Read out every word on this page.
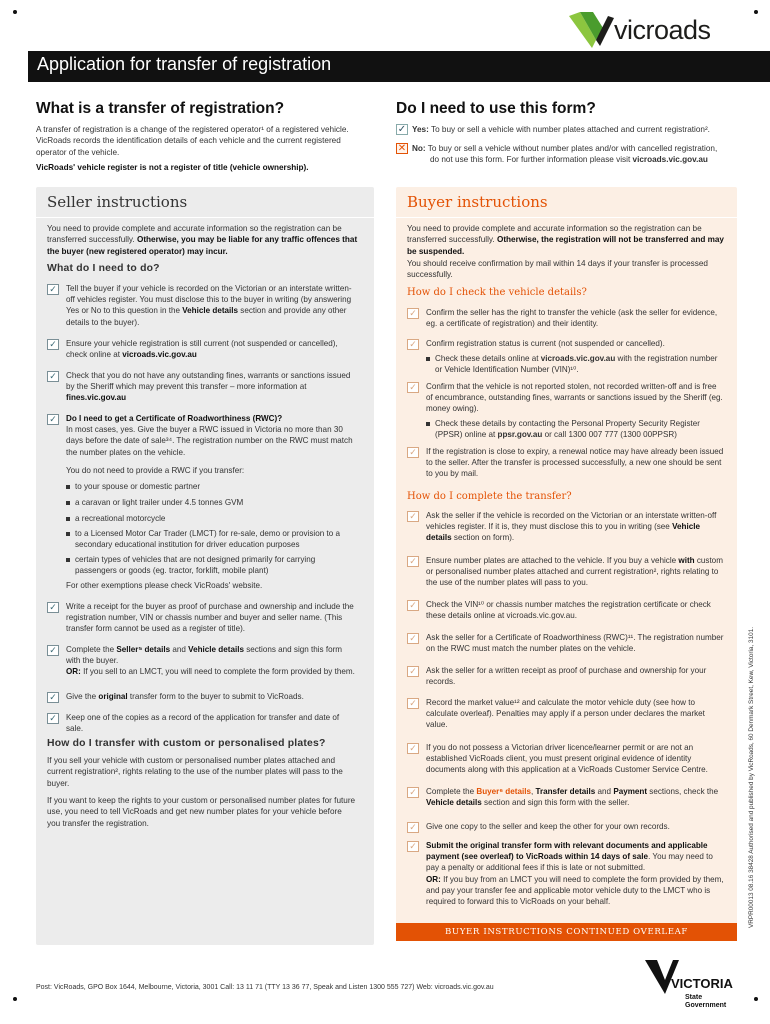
vicroads
Application for transfer of registration
What is a transfer of registration?
A transfer of registration is a change of the registered operator¹ of a registered vehicle. VicRoads records the identification details of each vehicle and the current registered operator of the vehicle.
VicRoads' vehicle register is not a register of title (vehicle ownership).
Do I need to use this form?
✓ Yes: To buy or sell a vehicle with number plates attached and current registration².
✕ No: To buy or sell a vehicle without number plates and/or with cancelled registration,
do not use this form. For further information please visit vicroads.vic.gov.au
Seller instructions
You need to provide complete and accurate information so the registration can be transferred successfully. Otherwise, you may be liable for any traffic offences that the buyer (new registered operator) may incur.
What do I need to do?
✓ Tell the buyer if your vehicle is recorded on the Victorian or an interstate written-off vehicles register. You must disclose this to the buyer in writing (by answering Yes or No to this question in the Vehicle details section and provide any other details to the buyer).
✓ Ensure your vehicle registration is still current (not suspended or cancelled), check online at vicroads.vic.gov.au
✓ Check that you do not have any outstanding fines, warrants or sanctions issued by the Sheriff which may prevent this transfer – more information at fines.vic.gov.au
✓ Do I need to get a Certificate of Roadworthiness (RWC)?
In most cases, yes. Give the buyer a RWC issued in Victoria no more than 30 days before the date of sale³⁴. The registration number on the RWC must match the number plates on the vehicle.
You do not need to provide a RWC if you transfer:
to your spouse or domestic partner
a caravan or light trailer under 4.5 tonnes GVM
a recreational motorcycle
to a Licensed Motor Car Trader (LMCT) for re-sale, demo or provision to a secondary educational institution for driver education purposes
certain types of vehicles that are not designed primarily for carrying passengers or goods (eg. tractor, forklift, mobile plant)
For other exemptions please check VicRoads' website.
✓ Write a receipt for the buyer as proof of purchase and ownership and include the registration number, VIN or chassis number and buyer and seller name. (This transfer form cannot be used as a register of title).
✓ Complete the Seller⁵ details and Vehicle details sections and sign this form with the buyer.
OR: If you sell to an LMCT, you will need to complete the form provided by them.
✓ Give the original transfer form to the buyer to submit to VicRoads.
✓ Keep one of the copies as a record of the application for transfer and date of sale.
How do I transfer with custom or personalised plates?
If you sell your vehicle with custom or personalised number plates attached and current registration², rights relating to the use of the number plates will pass to the buyer.
If you want to keep the rights to your custom or personalised number plates for future use, you need to tell VicRoads and get new number plates for your vehicle before you transfer the registration.
Buyer instructions
You need to provide complete and accurate information so the registration can be transferred successfully. Otherwise, the registration will not be transferred and may be suspended.
You should receive confirmation by mail within 14 days if your transfer is processed successfully.
How do I check the vehicle details?
✓ Confirm the seller has the right to transfer the vehicle (ask the seller for evidence, eg. a certificate of registration) and their identity.
✓ Confirm registration status is current (not suspended or cancelled).
Check these details online at vicroads.vic.gov.au with the registration number or Vehicle Identification Number (VIN)¹⁰.
✓ Confirm that the vehicle is not reported stolen, not recorded written-off and is free of encumbrance, outstanding fines, warrants or sanctions issued by the Sheriff (eg. money owing).
Check these details by contacting the Personal Property Security Register (PPSR) online at ppsr.gov.au or call 1300 007 777 (1300 00PPSR)
✓ If the registration is close to expiry, a renewal notice may have already been issued to the seller. After the transfer is processed successfully, a new one should be sent to you by mail.
How do I complete the transfer?
✓ Ask the seller if the vehicle is recorded on the Victorian or an interstate written-off vehicles register. If it is, they must disclose this to you in writing (see Vehicle details section on form).
✓ Ensure number plates are attached to the vehicle. If you buy a vehicle with custom or personalised number plates attached and current registration², rights relating to the use of the number plates will pass to you.
✓ Check the VIN¹⁰ or chassis number matches the registration certificate or check these details online at vicroads.vic.gov.au.
✓ Ask the seller for a Certificate of Roadworthiness (RWC)¹¹. The registration number on the RWC must match the number plates on the vehicle.
✓ Ask the seller for a written receipt as proof of purchase and ownership for your records.
✓ Record the market value¹² and calculate the motor vehicle duty (see how to calculate overleaf). Penalties may apply if a person under declares the market value.
✓ If you do not possess a Victorian driver licence/learner permit or are not an established VicRoads client, you must present original evidence of identity documents along with this application at a VicRoads Customer Service Centre.
✓ Complete the Buyer⁶ details, Transfer details and Payment sections, check the Vehicle details section and sign this form with the seller.
✓ Give one copy to the seller and keep the other for your own records.
✓ Submit the original transfer form with relevant documents and applicable payment (see overleaf) to VicRoads within 14 days of sale. You may need to pay a penalty or additional fees if this is late or not submitted.
OR: If you buy from an LMCT you will need to complete the form provided by them, and pay your transfer fee and applicable motor vehicle duty to the LMCT who is required to forward this to VicRoads on your behalf.
BUYER INSTRUCTIONS CONTINUED OVERLEAF
VRPR00013 08.16 38428 Authorised and published by VicRoads, 60 Denmark Street, Kew, Victoria, 3101.
Post: VicRoads, GPO Box 1644, Melbourne, Victoria, 3001 Call: 13 11 71 (TTY 13 36 77, Speak and Listen 1300 555 727) Web: vicroads.vic.gov.au	VICTORIA
State
Government
